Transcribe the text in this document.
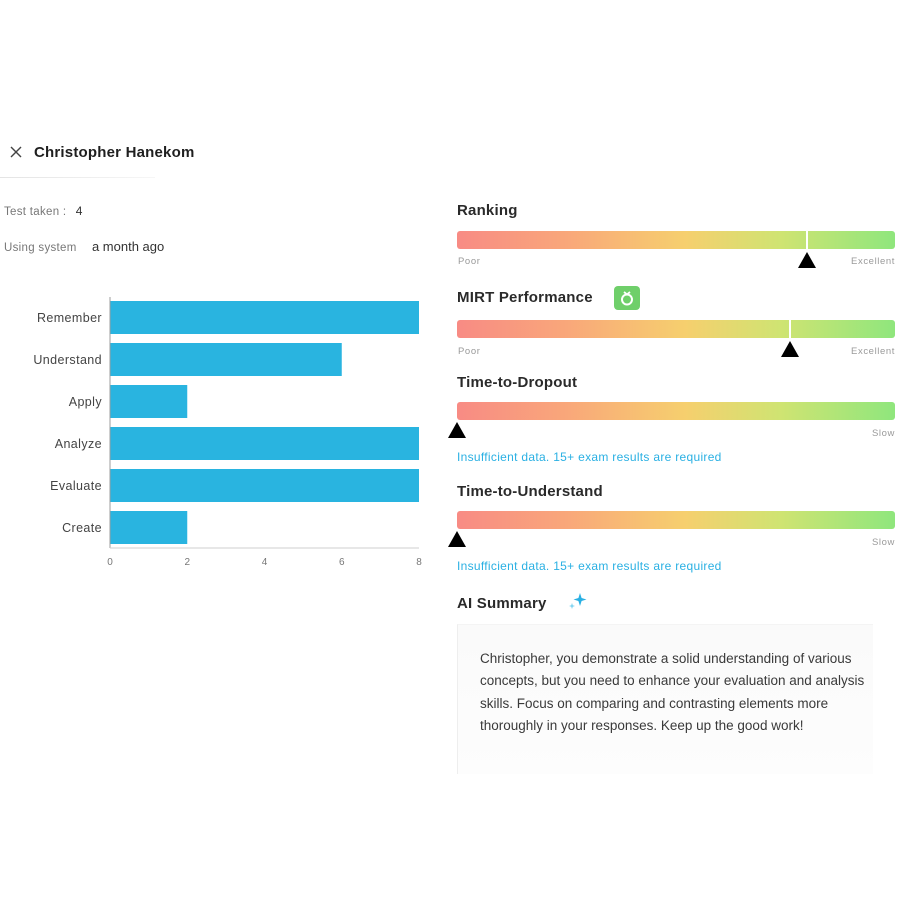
Christopher Hanekom
Test taken : 4
Using system a month ago
Remember
Understand
Apply
Analyze
Evaluate
Create
0	2	4	6	8
Ranking
Poor	Excellent
MIRT Performance
Poor	Excellent
Time-to-Dropout
Slow
Insufficient data. 15+ exam results are required
Time-to-Understand
Slow
Insufficient data. 15+ exam results are required
AI Summary
Christopher, you demonstrate a solid understanding of various concepts, but you need to enhance your evaluation and analysis skills. Focus on comparing and contrasting elements more thoroughly in your responses. Keep up the good work!
